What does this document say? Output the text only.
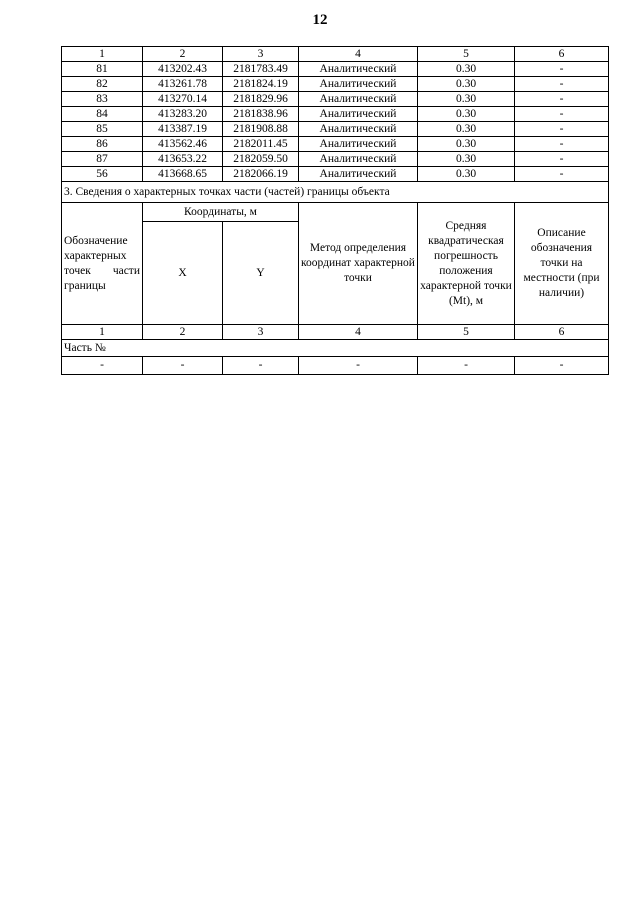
12
1	2	3	4	5	6
81	413202.43	2181783.49	Аналитический	0.30	-
82	413261.78	2181824.19	Аналитический	0.30	-
83	413270.14	2181829.96	Аналитический	0.30	-
84	413283.20	2181838.96	Аналитический	0.30	-
85	413387.19	2181908.88	Аналитический	0.30	-
86	413562.46	2182011.45	Аналитический	0.30	-
87	413653.22	2182059.50	Аналитический	0.30	-
56	413668.65	2182066.19	Аналитический	0.30	-
3. Сведения о характерных точках части (частей) границы объекта					
Обозначение характерных точек части границы	Координаты, м		Метод определения координат характерной точки	Средняя квадратическая погрешность положения характерной точки (Mt), м	Описание обозначения точки на местности (при наличии)
	X	Y			
1	2	3	4	5	6
Часть №					
-	-	-	-	-	-
